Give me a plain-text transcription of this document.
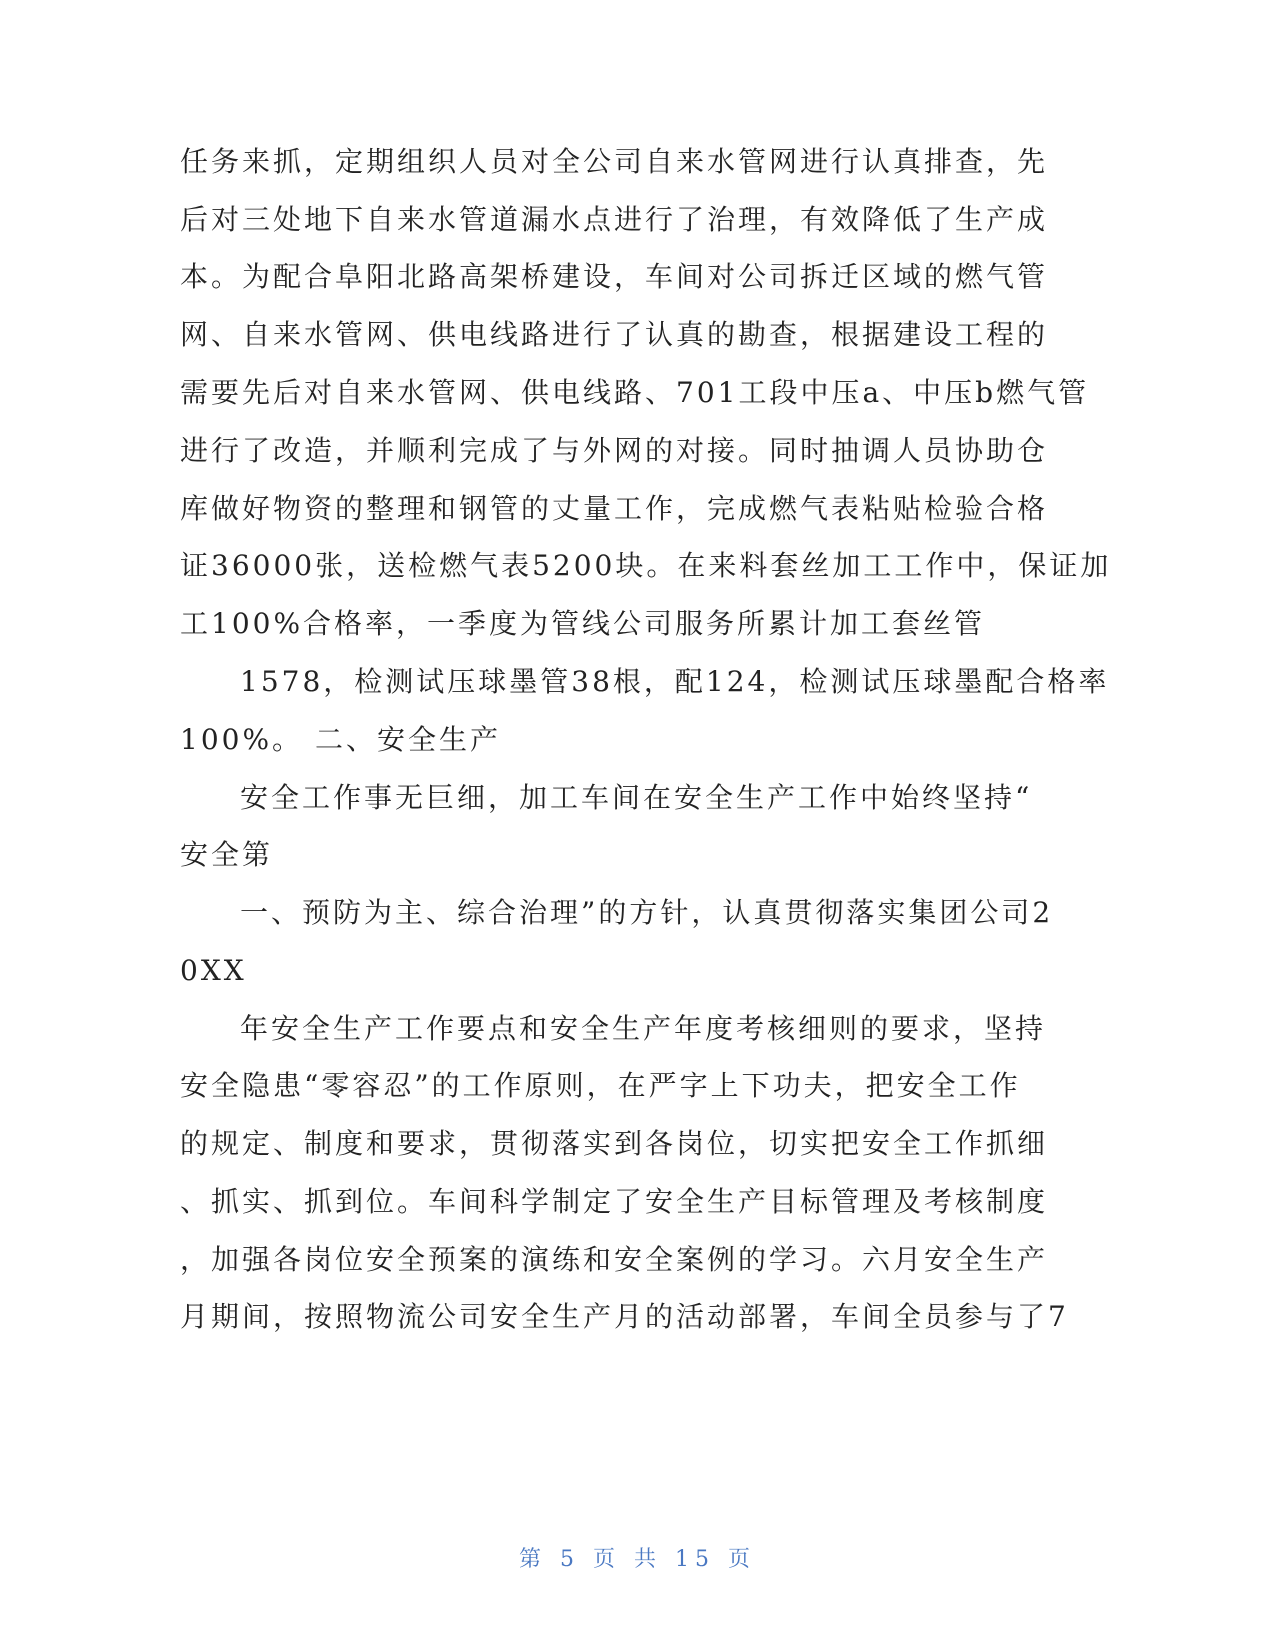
任务来抓，定期组织人员对全公司自来水管网进行认真排查，先
后对三处地下自来水管道漏水点进行了治理，有效降低了生产成
本。为配合阜阳北路高架桥建设，车间对公司拆迁区域的燃气管
网、自来水管网、供电线路进行了认真的勘查，根据建设工程的
需要先后对自来水管网、供电线路、701工段中压a、中压b燃气管
进行了改造，并顺利完成了与外网的对接。同时抽调人员协助仓
库做好物资的整理和钢管的丈量工作，完成燃气表粘贴检验合格
证36000张，送检燃气表5200块。在来料套丝加工工作中，保证加
工100%合格率，一季度为管线公司服务所累计加工套丝管
1578，检测试压球墨管38根，配124，检测试压球墨配合格率
100%。 二、安全生产
安全工作事无巨细，加工车间在安全生产工作中始终坚持“
安全第
一、预防为主、综合治理”的方针，认真贯彻落实集团公司2
0XX
年安全生产工作要点和安全生产年度考核细则的要求，坚持
安全隐患“零容忍”的工作原则，在严字上下功夫，把安全工作
的规定、制度和要求，贯彻落实到各岗位，切实把安全工作抓细
、抓实、抓到位。车间科学制定了安全生产目标管理及考核制度
，加强各岗位安全预案的演练和安全案例的学习。六月安全生产
月期间，按照物流公司安全生产月的活动部署，车间全员参与了7
第 5 页 共 15 页
